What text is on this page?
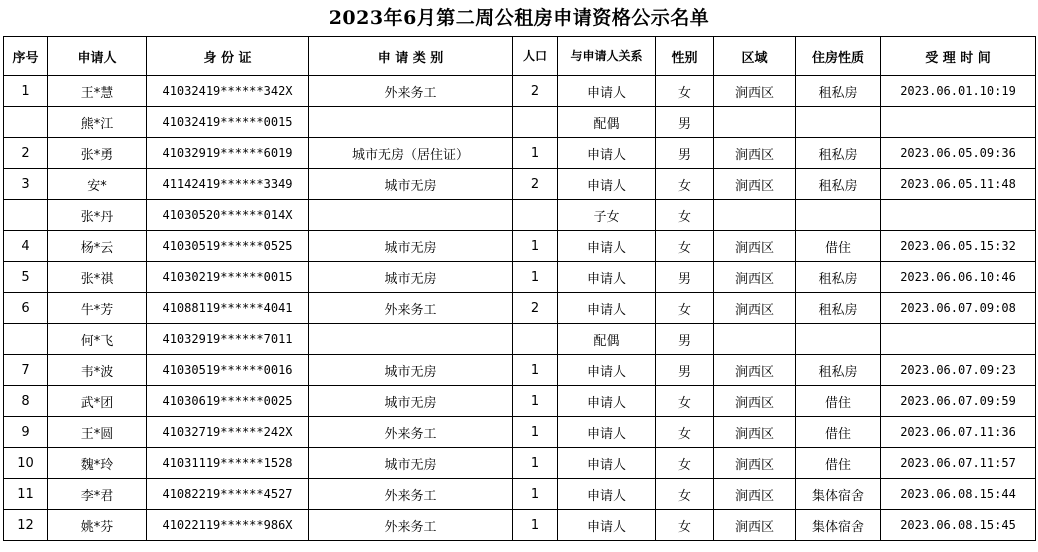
2023年6月第二周公租房申请资格公示名单
序号	申请人	身 份 证	申 请 类 别	人口	与申请人关系	性别	区域	住房性质	受 理 时 间
1	王*慧	41032419******342X	外来务工	2	申请人	女	涧西区	租私房	2023.06.01.10:19
	熊*江	41032419******0015			配偶	男			
2	张*勇	41032919******6019	城市无房（居住证）	1	申请人	男	涧西区	租私房	2023.06.05.09:36
3	安*	41142419******3349	城市无房	2	申请人	女	涧西区	租私房	2023.06.05.11:48
	张*丹	41030520******014X			子女	女			
4	杨*云	41030519******0525	城市无房	1	申请人	女	涧西区	借住	2023.06.05.15:32
5	张*祺	41030219******0015	城市无房	1	申请人	男	涧西区	租私房	2023.06.06.10:46
6	牛*芳	41088119******4041	外来务工	2	申请人	女	涧西区	租私房	2023.06.07.09:08
	何*飞	41032919******7011			配偶	男			
7	韦*波	41030519******0016	城市无房	1	申请人	男	涧西区	租私房	2023.06.07.09:23
8	武*团	41030619******0025	城市无房	1	申请人	女	涧西区	借住	2023.06.07.09:59
9	王*圆	41032719******242X	外来务工	1	申请人	女	涧西区	借住	2023.06.07.11:36
10	魏*玲	41031119******1528	城市无房	1	申请人	女	涧西区	借住	2023.06.07.11:57
11	李*君	41082219******4527	外来务工	1	申请人	女	涧西区	集体宿舍	2023.06.08.15:44
12	姚*芬	41022119******986X	外来务工	1	申请人	女	涧西区	集体宿舍	2023.06.08.15:45
